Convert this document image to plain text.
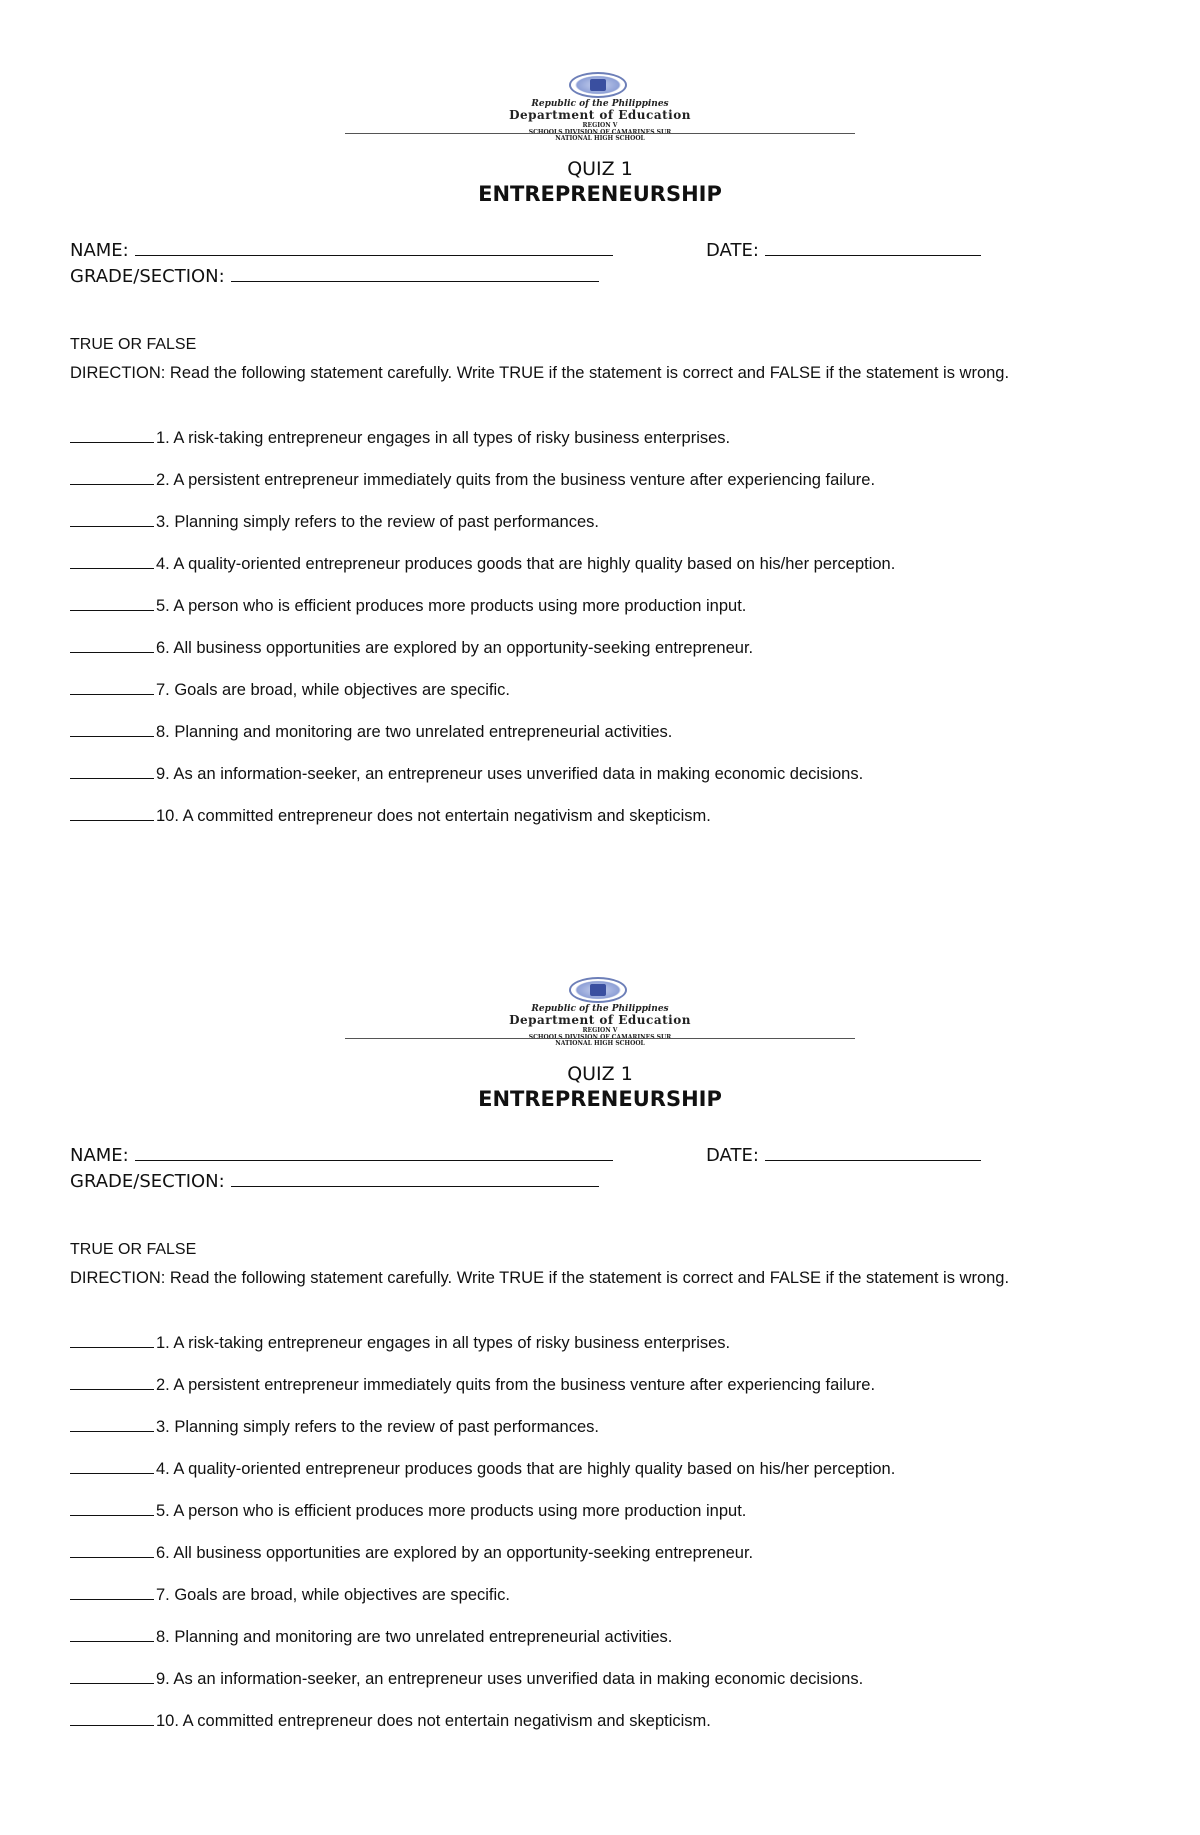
Republic of the Philippines
Department of Education
REGION V
SCHOOLS DIVISION OF CAMARINES SUR
NATIONAL HIGH SCHOOL
QUIZ 1
ENTREPRENEURSHIP
NAME:	DATE:
GRADE/SECTION:
TRUE OR FALSE
DIRECTION: Read the following statement carefully. Write TRUE if the statement is correct and FALSE if the statement is wrong.
1. A risk-taking entrepreneur engages in all types of risky business enterprises.
2. A persistent entrepreneur immediately quits from the business venture after experiencing failure.
3. Planning simply refers to the review of past performances.
4. A quality-oriented entrepreneur produces goods that are highly quality based on his/her perception.
5. A person who is efficient produces more products using more production input.
6. All business opportunities are explored by an opportunity-seeking entrepreneur.
7. Goals are broad, while objectives are specific.
8. Planning and monitoring are two unrelated entrepreneurial activities.
9. As an information-seeker, an entrepreneur uses unverified data in making economic decisions.
10. A committed entrepreneur does not entertain negativism and skepticism.
Republic of the Philippines
Department of Education
REGION V
SCHOOLS DIVISION OF CAMARINES SUR
NATIONAL HIGH SCHOOL
QUIZ 1
ENTREPRENEURSHIP
NAME:	DATE:
GRADE/SECTION:
TRUE OR FALSE
DIRECTION: Read the following statement carefully. Write TRUE if the statement is correct and FALSE if the statement is wrong.
1. A risk-taking entrepreneur engages in all types of risky business enterprises.
2. A persistent entrepreneur immediately quits from the business venture after experiencing failure.
3. Planning simply refers to the review of past performances.
4. A quality-oriented entrepreneur produces goods that are highly quality based on his/her perception.
5. A person who is efficient produces more products using more production input.
6. All business opportunities are explored by an opportunity-seeking entrepreneur.
7. Goals are broad, while objectives are specific.
8. Planning and monitoring are two unrelated entrepreneurial activities.
9. As an information-seeker, an entrepreneur uses unverified data in making economic decisions.
10. A committed entrepreneur does not entertain negativism and skepticism.
